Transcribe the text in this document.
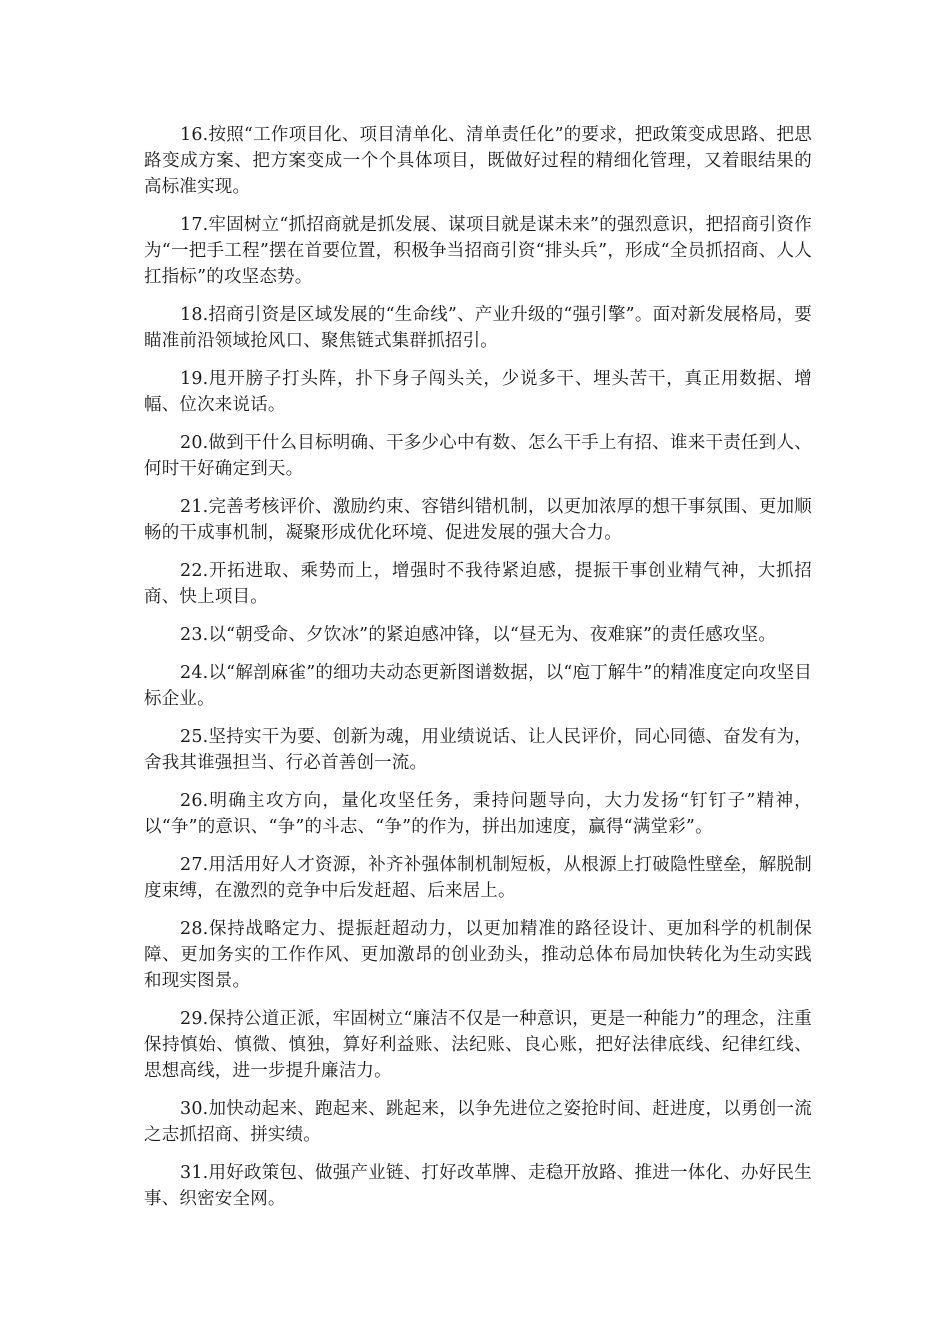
16.按照“工作项目化、项目清单化、清单责任化”的要求，把政策变成思路、把思路变成方案、把方案变成一个个具体项目，既做好过程的精细化管理，又着眼结果的高标准实现。

17.牢固树立“抓招商就是抓发展、谋项目就是谋未来”的强烈意识，把招商引资作为“一把手工程”摆在首要位置，积极争当招商引资“排头兵”，形成“全员抓招商、人人扛指标”的攻坚态势。

18.招商引资是区域发展的“生命线”、产业升级的“强引擎”。面对新发展格局，要瞄准前沿领域抢风口、聚焦链式集群抓招引。

19.甩开膀子打头阵，扑下身子闯头关，少说多干、埋头苦干，真正用数据、增幅、位次来说话。

20.做到干什么目标明确、干多少心中有数、怎么干手上有招、谁来干责任到人、何时干好确定到天。

21.完善考核评价、激励约束、容错纠错机制，以更加浓厚的想干事氛围、更加顺畅的干成事机制，凝聚形成优化环境、促进发展的强大合力。

22.开拓进取、乘势而上，增强时不我待紧迫感，提振干事创业精气神，大抓招商、快上项目。

23.以“朝受命、夕饮冰”的紧迫感冲锋，以“昼无为、夜难寐”的责任感攻坚。

24.以“解剖麻雀”的细功夫动态更新图谱数据，以“庖丁解牛”的精准度定向攻坚目标企业。

25.坚持实干为要、创新为魂，用业绩说话、让人民评价，同心同德、奋发有为，舍我其谁强担当、行必首善创一流。

26.明确主攻方向，量化攻坚任务，秉持问题导向，大力发扬“钉钉子”精神，以“争”的意识、“争”的斗志、“争”的作为，拼出加速度，赢得“满堂彩”。

27.用活用好人才资源，补齐补强体制机制短板，从根源上打破隐性壁垒，解脱制度束缚，在激烈的竞争中后发赶超、后来居上。

28.保持战略定力、提振赶超动力，以更加精准的路径设计、更加科学的机制保障、更加务实的工作作风、更加激昂的创业劲头，推动总体布局加快转化为生动实践和现实图景。

29.保持公道正派，牢固树立“廉洁不仅是一种意识，更是一种能力”的理念，注重保持慎始、慎微、慎独，算好利益账、法纪账、良心账，把好法律底线、纪律红线、思想高线，进一步提升廉洁力。

30.加快动起来、跑起来、跳起来，以争先进位之姿抢时间、赶进度，以勇创一流之志抓招商、拼实绩。

31.用好政策包、做强产业链、打好改革牌、走稳开放路、推进一体化、办好民生事、织密安全网。
